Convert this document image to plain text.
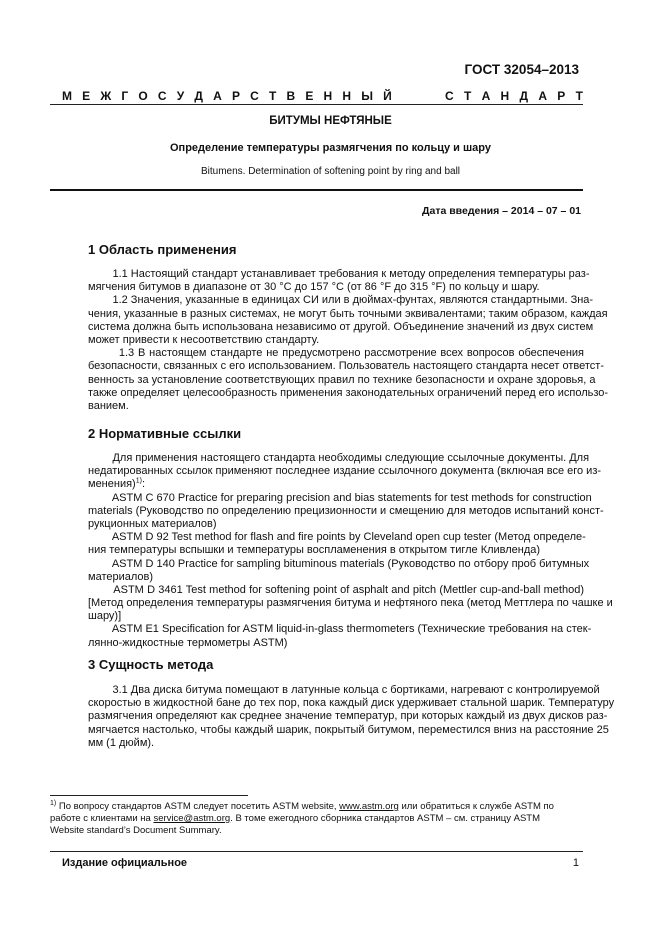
ГОСТ 32054–2013
М Е Ж Г О С У Д А Р С Т В Е Н Н Ы Й	С Т А Н Д А Р Т
БИТУМЫ НЕФТЯНЫЕ
Определение температуры размягчения по кольцу и шару
Bitumens. Determination of softening point by ring and ball
Дата введения – 2014 – 07 – 01
1 Область применения
1.1 Настоящий стандарт устанавливает требования к методу определения температуры раз-
мягчения битумов в диапазоне от 30 °С до 157 °С (от 86 °F до 315 °F) по кольцу и шару.
1.2 Значения, указанные в единицах СИ или в дюймах-фунтах, являются стандартными. Зна-
чения, указанные в разных системах, не могут быть точными эквивалентами; таким образом, каждая
система должна быть использована независимо от другой. Объединение значений из двух систем
может привести к несоответствию стандарту.
1.3 В настоящем стандарте не предусмотрено рассмотрение всех вопросов обеспечения
безопасности, связанных с его использованием. Пользователь настоящего стандарта несет ответст-
венность за установление соответствующих правил по технике безопасности и охране здоровья, а
также определяет целесообразность применения законодательных ограничений перед его использо-
ванием.
2 Нормативные ссылки
Для применения настоящего стандарта необходимы следующие ссылочные документы. Для
недатированных ссылок применяют последнее издание ссылочного документа (включая все его из-
менения)$^{1)}$:
ASTM C 670 Practice for preparing precision and bias statements for test methods for construction
materials (Руководство по определению прецизионности и смещению для методов испытаний конст-
рукционных материалов)
ASTM D 92 Test method for flash and fire points by Cleveland open cup tester (Метод определе-
ния температуры вспышки и температуры воспламенения в открытом тигле Кливленда)
ASTM D 140 Practice for sampling bituminous materials (Руководство по отбору проб битумных
материалов)
ASTM D 3461 Test method for softening point of asphalt and pitch (Mettler cup-and-ball method)
[Метод определения температуры размягчения битума и нефтяного пека (метод Меттлера по чашке и
шару)]
ASTM E1 Specification for ASTM liquid-in-glass thermometers (Технические требования на стек-
лянно-жидкостные термометры ASTM)
3 Сущность метода
3.1 Два диска битума помещают в латунные кольца с бортиками, нагревают с контролируемой
скоростью в жидкостной бане до тех пор, пока каждый диск удерживает стальной шарик. Температуру
размягчения определяют как среднее значение температур, при которых каждый из двух дисков раз-
мягчается настолько, чтобы каждый шарик, покрытый битумом, переместился вниз на расстояние 25
мм (1 дюйм).
$^{1)}$ По вопросу стандартов ASTM следует посетить ASTM website, www.astm.org или обратиться к службе ASTM по
работе с клиентами на service@astm.org. В томе ежегодного сборника стандартов ASTM – см. страницу ASTM
Website standard’s Document Summary.
Издание официальное	1
